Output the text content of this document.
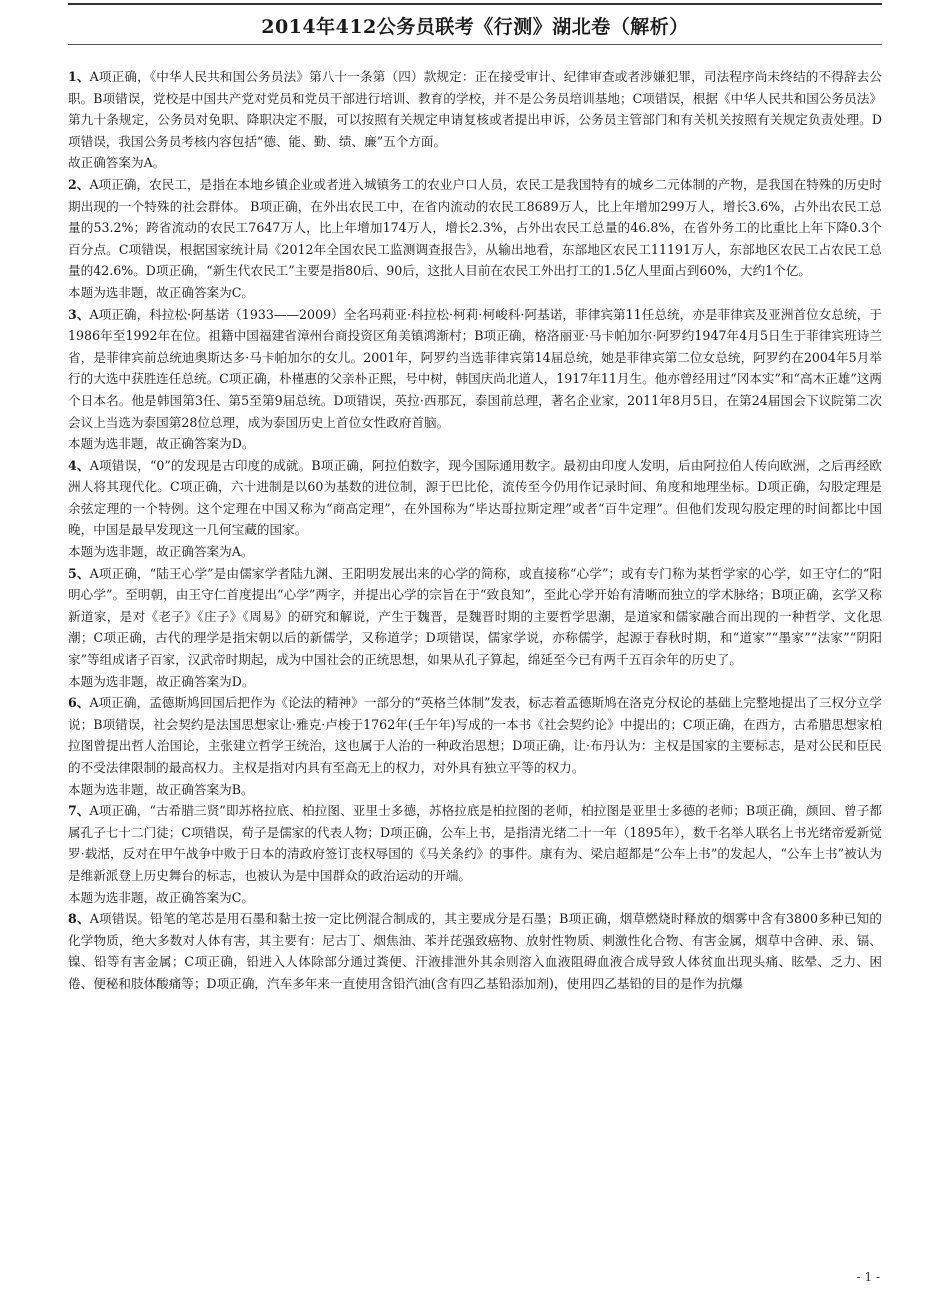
2014年412公务员联考《行测》湖北卷（解析）

1、A项正确，《中华人民共和国公务员法》第八十一条第（四）款规定：正在接受审计、纪律审查或者涉嫌犯罪，司法程序尚未终结的不得辞去公职。B项错误，党校是中国共产党对党员和党员干部进行培训、教育的学校，并不是公务员培训基地；C项错误，根据《中华人民共和国公务员法》第九十条规定，公务员对免职、降职决定不服，可以按照有关规定申请复核或者提出申诉，公务员主管部门和有关机关按照有关规定负责处理。D项错误，我国公务员考核内容包括“德、能、勤、绩、廉”五个方面。

故正确答案为A。

2、A项正确，农民工，是指在本地乡镇企业或者进入城镇务工的农业户口人员，农民工是我国特有的城乡二元体制的产物，是我国在特殊的历史时期出现的一个特殊的社会群体。 B项正确，在外出农民工中，在省内流动的农民工8689万人，比上年增加299万人，增长3.6%，占外出农民工总量的53.2%；跨省流动的农民工7647万人，比上年增加174万人，增长2.3%，占外出农民工总量的46.8%，在省外务工的比重比上年下降0.3个百分点。C项错误，根据国家统计局《2012年全国农民工监测调查报告》，从输出地看，东部地区农民工11191万人，东部地区农民工占农民工总量的42.6%。D项正确，“新生代农民工”主要是指80后、90后，这批人目前在农民工外出打工的1.5亿人里面占到60%，大约1个亿。

本题为选非题，故正确答案为C。

3、A项正确，科拉松·阿基诺（1933——2009）全名玛莉亚·科拉松·柯莉·柯峻科·阿基诺，菲律宾第11任总统，亦是菲律宾及亚洲首位女总统，于1986年至1992年在位。祖籍中国福建省漳州台商投资区角美镇鸿渐村；B项正确，格洛丽亚·马卡帕加尔·阿罗约1947年4月5日生于菲律宾班诗兰省，是菲律宾前总统迪奥斯达多·马卡帕加尔的女儿。2001年，阿罗约当选菲律宾第14届总统，她是菲律宾第二位女总统，阿罗约在2004年5月举行的大选中获胜连任总统。C项正确，朴槿惠的父亲朴正熙，号中树，韩国庆尚北道人，1917年11月生。他亦曾经用过“冈本实”和“高木正雄”这两个日本名。他是韩国第3任、第5至第9届总统。D项错误，英拉·西那瓦，泰国前总理，著名企业家，2011年8月5日，在第24届国会下议院第二次会议上当选为泰国第28位总理，成为泰国历史上首位女性政府首脑。

本题为选非题，故正确答案为D。

4、A项错误，“0”的发现是古印度的成就。B项正确，阿拉伯数字，现今国际通用数字。最初由印度人发明，后由阿拉伯人传向欧洲，之后再经欧洲人将其现代化。C项正确，六十进制是以60为基数的进位制，源于巴比伦，流传至今仍用作记录时间、角度和地理坐标。D项正确，勾股定理是余弦定理的一个特例。这个定理在中国又称为“商高定理”，在外国称为“毕达哥拉斯定理”或者“百牛定理”。但他们发现勾股定理的时间都比中国晚，中国是最早发现这一几何宝藏的国家。

本题为选非题，故正确答案为A。

5、A项正确，“陆王心学”是由儒家学者陆九渊、王阳明发展出来的心学的简称，或直接称“心学”；或有专门称为某哲学家的心学，如王守仁的“阳明心学”。至明朝，由王守仁首度提出“心学”两字，并提出心学的宗旨在于“致良知”，至此心学开始有清晰而独立的学术脉络；B项正确，玄学又称新道家，是对《老子》《庄子》《周易》的研究和解说，产生于魏晋，是魏晋时期的主要哲学思潮，是道家和儒家融合而出现的一种哲学、文化思潮；C项正确，古代的理学是指宋朝以后的新儒学，又称道学；D项错误，儒家学说，亦称儒学，起源于春秋时期，和“道家”“墨家”“法家”“阴阳家”等组成诸子百家，汉武帝时期起，成为中国社会的正统思想，如果从孔子算起，绵延至今已有两千五百余年的历史了。

本题为选非题，故正确答案为D。

6、A项正确，孟德斯鸠回国后把作为《论法的精神》一部分的“英格兰体制”发表，标志着孟德斯鸠在洛克分权论的基础上完整地提出了三权分立学说；B项错误，社会契约是法国思想家让·雅克·卢梭于1762年(壬午年)写成的一本书《社会契约论》中提出的；C项正确，在西方，古希腊思想家柏拉图曾提出哲人治国论，主张建立哲学王统治，这也属于人治的一种政治思想；D项正确，让·布丹认为：主权是国家的主要标志，是对公民和臣民的不受法律限制的最高权力。主权是指对内具有至高无上的权力，对外具有独立平等的权力。

本题为选非题，故正确答案为B。

7、A项正确，“古希腊三贤”即苏格拉底、柏拉图、亚里士多德，苏格拉底是柏拉图的老师，柏拉图是亚里士多德的老师；B项正确，颜回、曾子都属孔子七十二门徒；C项错误，荀子是儒家的代表人物；D项正确，公车上书，是指清光绪二十一年（1895年），数千名举人联名上书光绪帝爱新觉罗·载湉，反对在甲午战争中败于日本的清政府签订丧权辱国的《马关条约》的事件。康有为、梁启超都是“公车上书”的发起人，“公车上书”被认为是维新派登上历史舞台的标志，也被认为是中国群众的政治运动的开端。

本题为选非题，故正确答案为C。

8、A项错误。铅笔的笔芯是用石墨和黏土按一定比例混合制成的，其主要成分是石墨；B项正确，烟草燃烧时释放的烟雾中含有3800多种已知的化学物质，绝大多数对人体有害，其主要有：尼古丁、烟焦油、苯并芘强致癌物、放射性物质、刺激性化合物、有害金属，烟草中含砷、汞、镉、镍、铅等有害金属；C项正确，铅进入人体除部分通过粪便、汗液排泄外其余则溶入血液阻碍血液合成导致人体贫血出现头痛、眩晕、乏力、困倦、便秘和肢体酸痛等；D项正确，汽车多年来一直使用含铅汽油(含有四乙基铅添加剂)，使用四乙基铅的目的是作为抗爆

- 1 -
